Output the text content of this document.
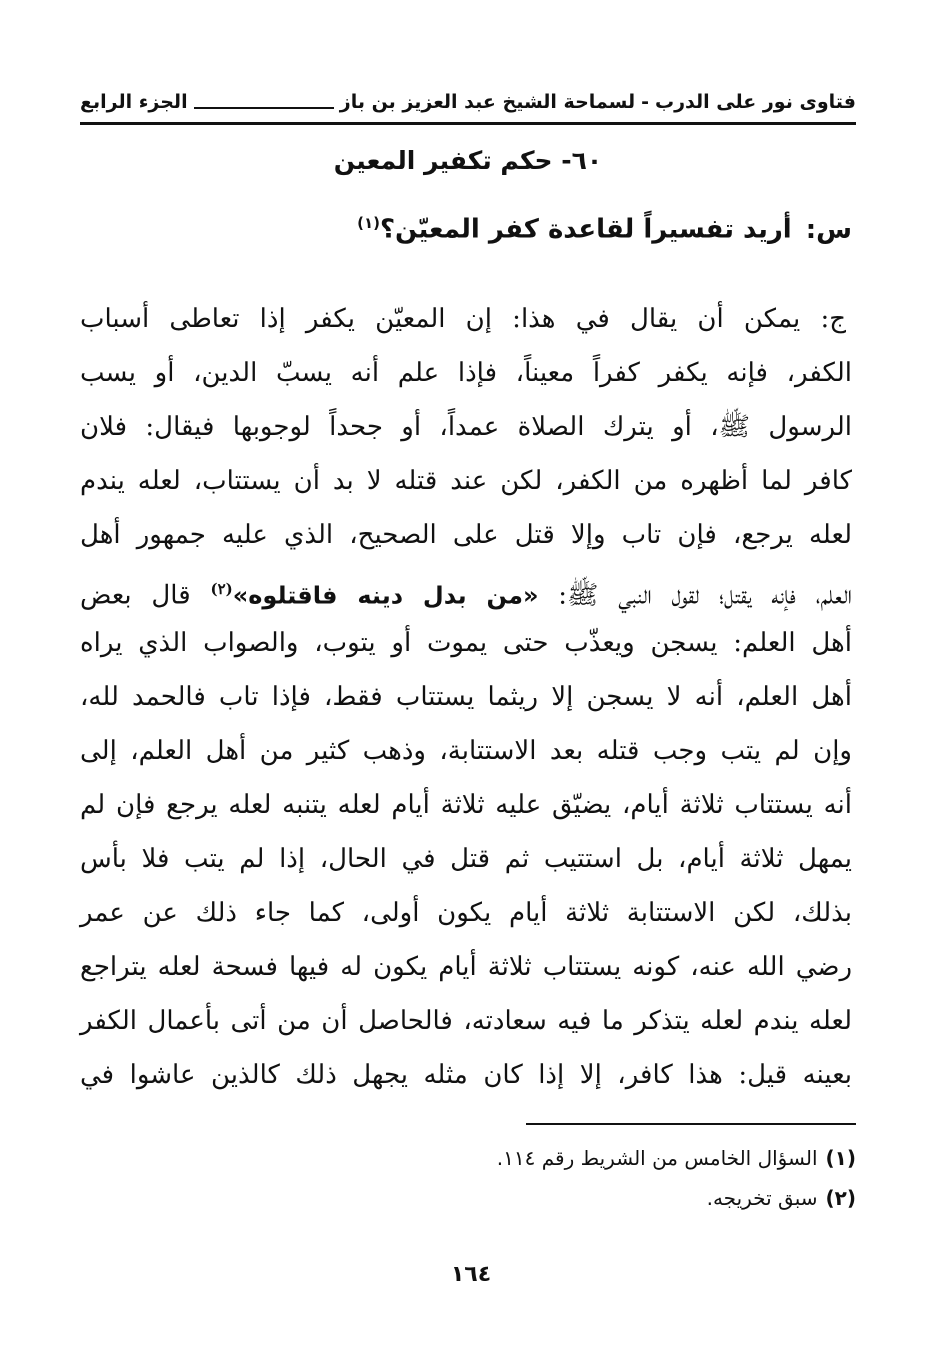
فتاوى نور على الدرب
-
لسماحة الشيخ عبد العزيز بن باز
الجزء الرابع
٦٠- حكم تكفير المعين
س:أريد تفسيراً لقاعدة كفر المعيّن؟$^{(١)}$
ج: يمكن أن يقال في هذا: إن المعيّن يكفر إذا تعاطى أسباب
الكفر، فإنه يكفر كفراً معيناً، فإذا علم أنه يسبّ الدين، أو يسب
الرسول ﷺ، أو يترك الصلاة عمداً، أو جحداً لوجوبها فيقال: فلان
كافر لما أظهره من الكفر، لكن عند قتله لا بد أن يستتاب، لعله يندم
لعله يرجع، فإن تاب وإلا قتل على الصحيح، الذي عليه جمهور أهل
العلم، فإنه يقتل؛ لقول النبي ﷺ: «من بدل دينه فاقتلوه»$^{(٢)}$ قال بعض
أهل العلم: يسجن ويعذّب حتى يموت أو يتوب، والصواب الذي يراه
أهل العلم، أنه لا يسجن إلا ريثما يستتاب فقط، فإذا تاب فالحمد لله،
وإن لم يتب وجب قتله بعد الاستتابة، وذهب كثير من أهل العلم، إلى
أنه يستتاب ثلاثة أيام، يضيّق عليه ثلاثة أيام لعله يتنبه لعله يرجع فإن لم
يمهل ثلاثة أيام، بل استتيب ثم قتل في الحال، إذا لم يتب فلا بأس
بذلك، لكن الاستتابة ثلاثة أيام يكون أولى، كما جاء ذلك عن عمر
رضي الله عنه، كونه يستتاب ثلاثة أيام يكون له فيها فسحة لعله يتراجع
لعله يندم لعله يتذكر ما فيه سعادته، فالحاصل أن من أتى بأعمال الكفر
بعينه قيل: هذا كافر، إلا إذا كان مثله يجهل ذلك كالذين عاشوا في
(١)السؤال الخامس من الشريط رقم ١١٤.
(٢)سبق تخريجه.
١٦٤
